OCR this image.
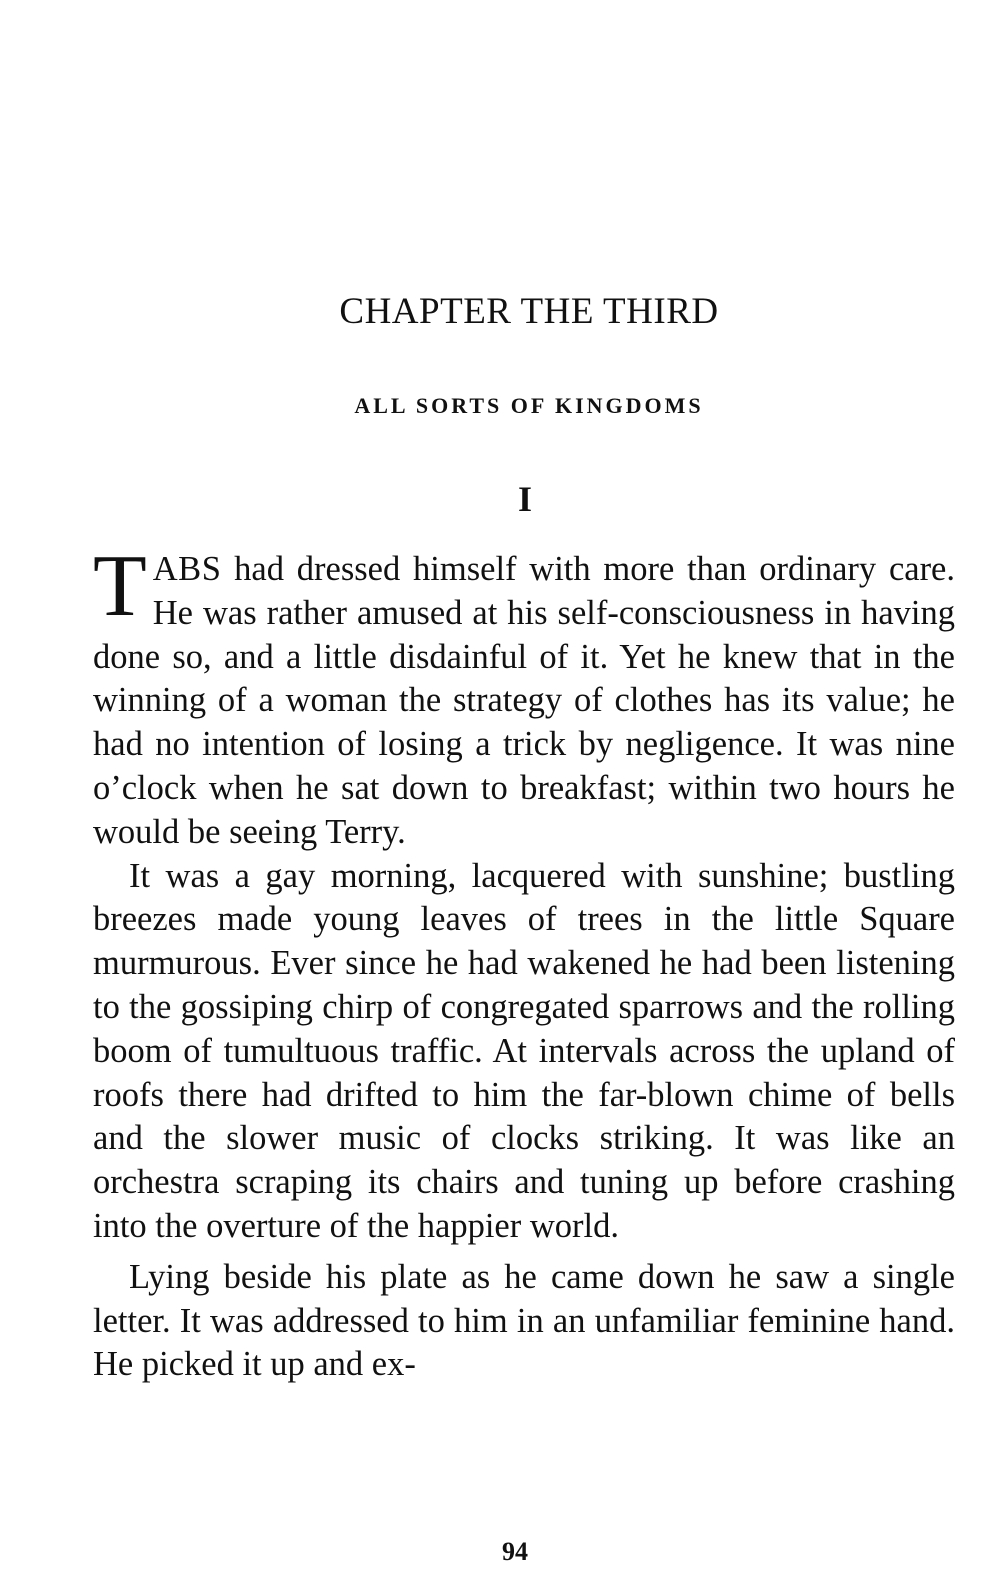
CHAPTER THE THIRD
ALL SORTS OF KINGDOMS
I

TABS had dressed himself with more than ordinary care. He was rather amused at his self-consciousness in having done so, and a little disdainful of it. Yet he knew that in the winning of a woman the strategy of clothes has its value; he had no intention of losing a trick by negligence. It was nine o’clock when he sat down to breakfast; within two hours he would be seeing Terry.

It was a gay morning, lacquered with sunshine; bustling breezes made young leaves of trees in the little Square murmurous. Ever since he had wakened he had been listening to the gossiping chirp of congregated sparrows and the rolling boom of tumultuous traffic. At intervals across the upland of roofs there had drifted to him the far-blown chime of bells and the slower music of clocks striking. It was like an orchestra scraping its chairs and tuning up before crashing into the overture of the happier world.

Lying beside his plate as he came down he saw a single letter. It was addressed to him in an unfamiliar feminine hand. He picked it up and ex-

94
